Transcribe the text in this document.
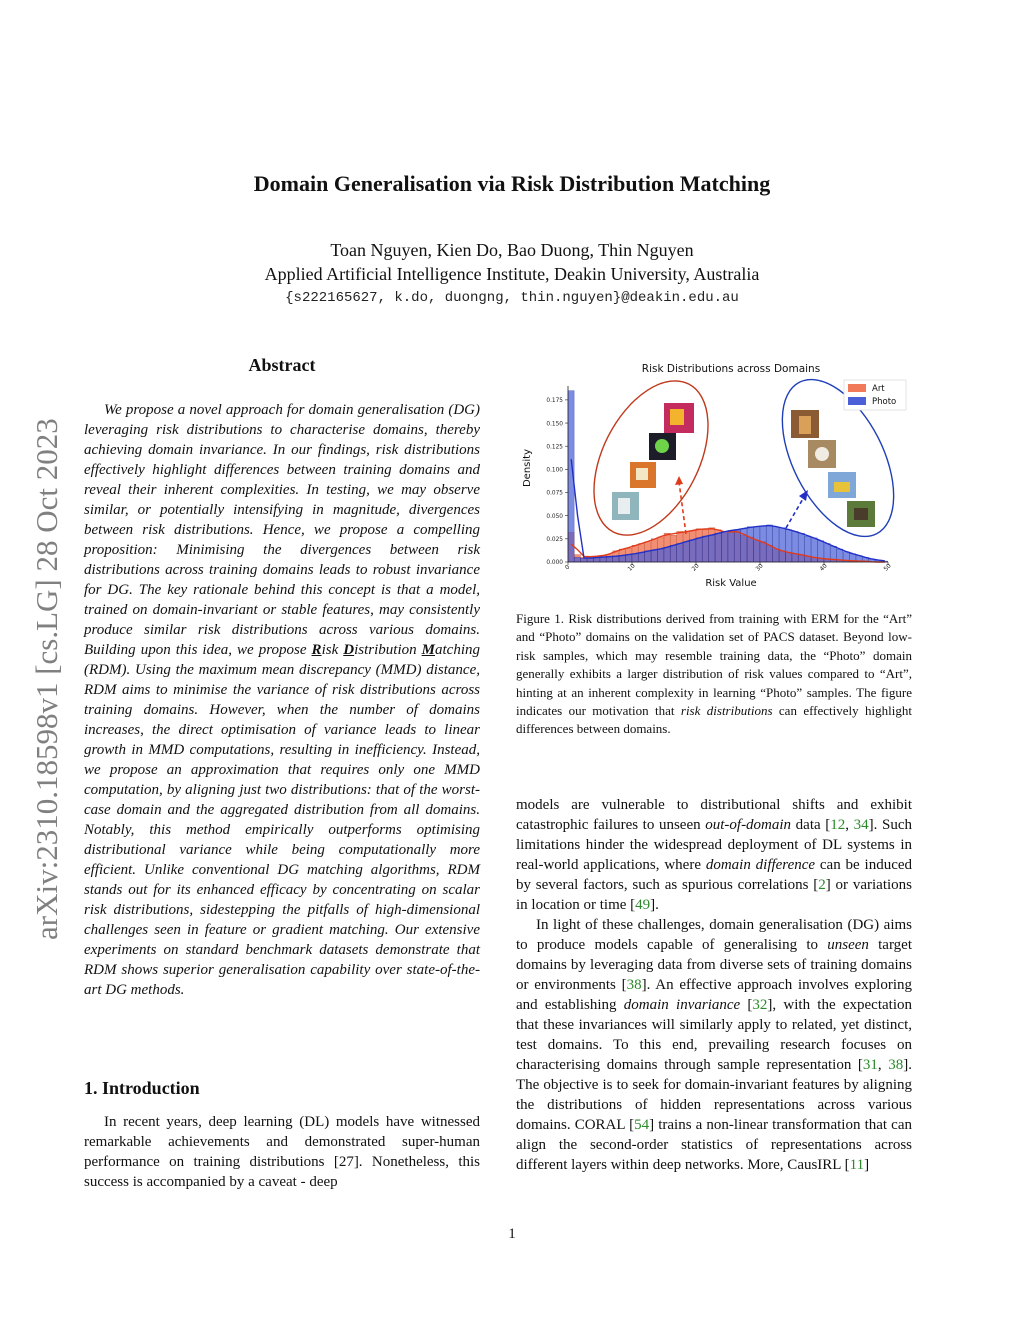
arXiv:2310.18598v1 [cs.LG] 28 Oct 2023
Domain Generalisation via Risk Distribution Matching
Toan Nguyen, Kien Do, Bao Duong, Thin Nguyen
Applied Artificial Intelligence Institute, Deakin University, Australia
{s222165627, k.do, duongng, thin.nguyen}@deakin.edu.au
Abstract

We propose a novel approach for domain generalisation (DG) leveraging risk distributions to characterise domains, thereby achieving domain invariance. In our findings, risk distributions effectively highlight differences between training domains and reveal their inherent complexities. In testing, we may observe similar, or potentially intensifying in magnitude, divergences between risk distributions. Hence, we propose a compelling proposition: Minimising the divergences between risk distributions across training domains leads to robust invariance for DG. The key rationale behind this concept is that a model, trained on domain-invariant or stable features, may consistently produce similar risk distributions across various domains. Building upon this idea, we propose Risk Distribution Matching (RDM). Using the maximum mean discrepancy (MMD) distance, RDM aims to minimise the variance of risk distributions across training domains. However, when the number of domains increases, the direct optimisation of variance leads to linear growth in MMD computations, resulting in inefficiency. Instead, we propose an approximation that requires only one MMD computation, by aligning just two distributions: that of the worst-case domain and the aggregated distribution from all domains. Notably, this method empirically outperforms optimising distributional variance while being computationally more efficient. Unlike conventional DG matching algorithms, RDM stands out for its enhanced efficacy by concentrating on scalar risk distributions, sidestepping the pitfalls of high-dimensional challenges seen in feature or gradient matching. Our extensive experiments on standard benchmark datasets demonstrate that RDM shows superior generalisation capability over state-of-the-art DG methods.

1. Introduction

In recent years, deep learning (DL) models have witnessed remarkable achievements and demonstrated super-human performance on training distributions [27]. Nonetheless, this success is accompanied by a caveat - deep

Risk Distributions across Domains
Density
Risk Value
0.000
0.025
0.050
0.075
0.100
0.125
0.150
0.175
0	10	20	30	40	50
Art
Photo

Figure 1. Risk distributions derived from training with ERM for the “Art” and “Photo” domains on the validation set of PACS dataset. Beyond low-risk samples, which may resemble training data, the “Photo” domain generally exhibits a larger distribution of risk values compared to “Art”, hinting at an inherent complexity in learning “Photo” samples. The figure indicates our motivation that risk distributions can effectively highlight differences between domains.

models are vulnerable to distributional shifts and exhibit catastrophic failures to unseen out-of-domain data [12, 34]. Such limitations hinder the widespread deployment of DL systems in real-world applications, where domain difference can be induced by several factors, such as spurious correlations [2] or variations in location or time [49].

In light of these challenges, domain generalisation (DG) aims to produce models capable of generalising to unseen target domains by leveraging data from diverse sets of training domains or environments [38]. An effective approach involves exploring and establishing domain invariance [32], with the expectation that these invariances will similarly apply to related, yet distinct, test domains. To this end, prevailing research focuses on characterising domains through sample representation [31, 38]. The objective is to seek for domain-invariant features by aligning the distributions of hidden representations across various domains. CORAL [54] trains a non-linear transformation that can align the second-order statistics of representations across different layers within deep networks. More, CausIRL [11]

1
